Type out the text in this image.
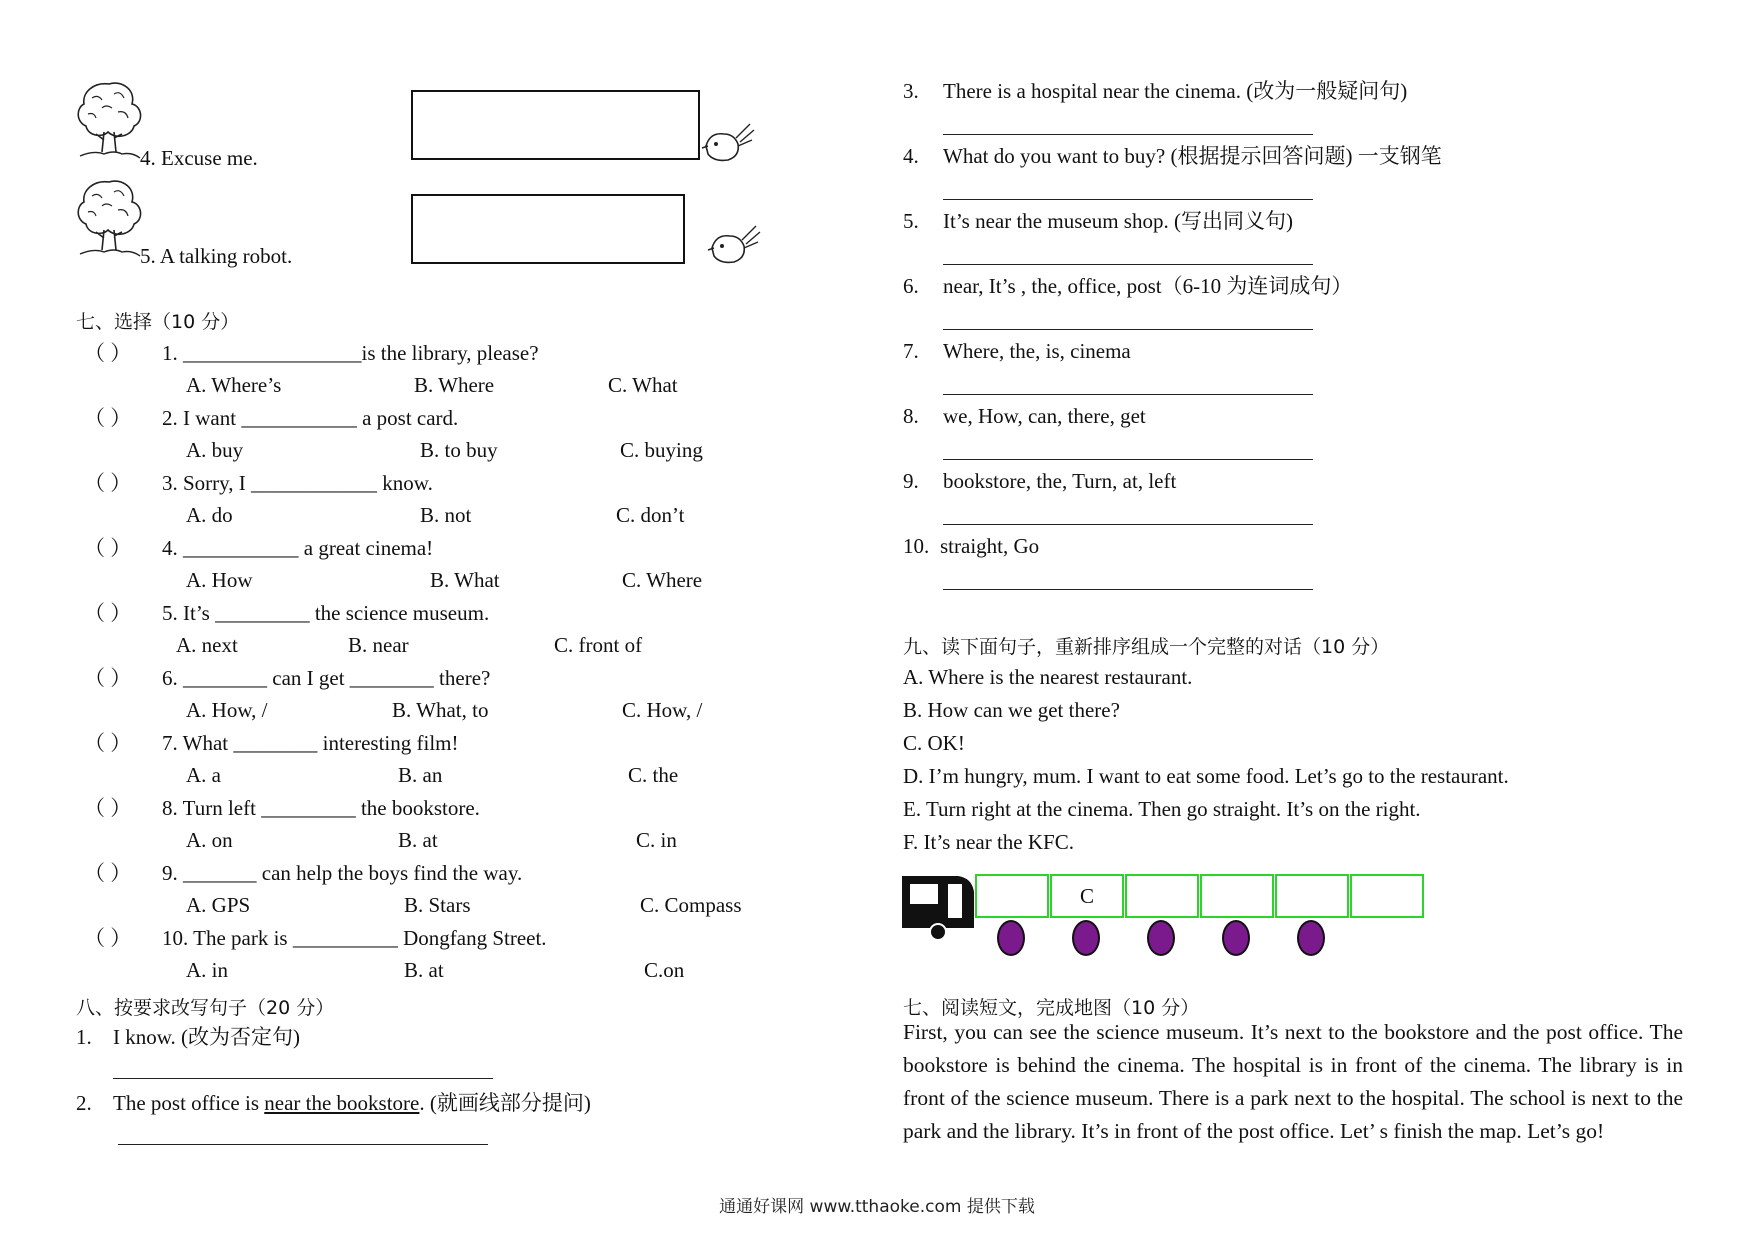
4. Excuse me.
5. A talking robot.
七、选择（10 分）
（ ） 1. _________________is the library, please?
A. Where’s	B. Where	C. What
（ ） 2. I want ___________ a post card.
A. buy	B. to buy	C. buying
（ ） 3. Sorry, I ____________ know.
A. do	B. not	C. don’t
（ ） 4. ___________ a great cinema!
A. How	B. What	C. Where
（ ） 5. It’s _________ the science museum.
A. next	B. near	C. front of
（ ） 6. ________ can I get ________ there?
A. How, /	B. What, to	C. How, /
（ ） 7. What ________ interesting film!
A. a	B. an	C. the
（ ） 8. Turn left _________ the bookstore.
A. on	B. at	C. in
（ ） 9. _______ can help the boys find the way.
A. GPS	B. Stars	C. Compass
（ ） 10. The park is __________ Dongfang Street.
A. in	B. at	C.on
八、按要求改写句子（20 分）
1. I know. (改为否定句)
2. The post office is near the bookstore. (就画线部分提问)
3. There is a hospital near the cinema. (改为一般疑问句)
4. What do you want to buy? (根据提示回答问题) 一支钢笔
5. It’s near the museum shop. (写出同义句)
6. near, It’s , the, office, post（6-10 为连词成句）
7. Where, the, is, cinema
8. we, How, can, there, get
9. bookstore, the, Turn, at, left
10. straight, Go
九、读下面句子，重新排序组成一个完整的对话（10 分）
A. Where is the nearest restaurant.
B. How can we get there?
C. OK!
D. I’m hungry, mum. I want to eat some food. Let’s go to the restaurant.
E. Turn right at the cinema. Then go straight. It’s on the right.
F. It’s near the KFC.
C
七、阅读短文，完成地图（10 分）
First, you can see the science museum. It’s next to the bookstore and the post office. The bookstore is behind the cinema. The hospital is in front of the cinema. The library is in front of the science museum. There is a park next to the hospital. The school is next to the park and the library. It’s in front of the post office. Let’ s finish the map. Let’s go!
通通好课网 www.tthaoke.com 提供下载
